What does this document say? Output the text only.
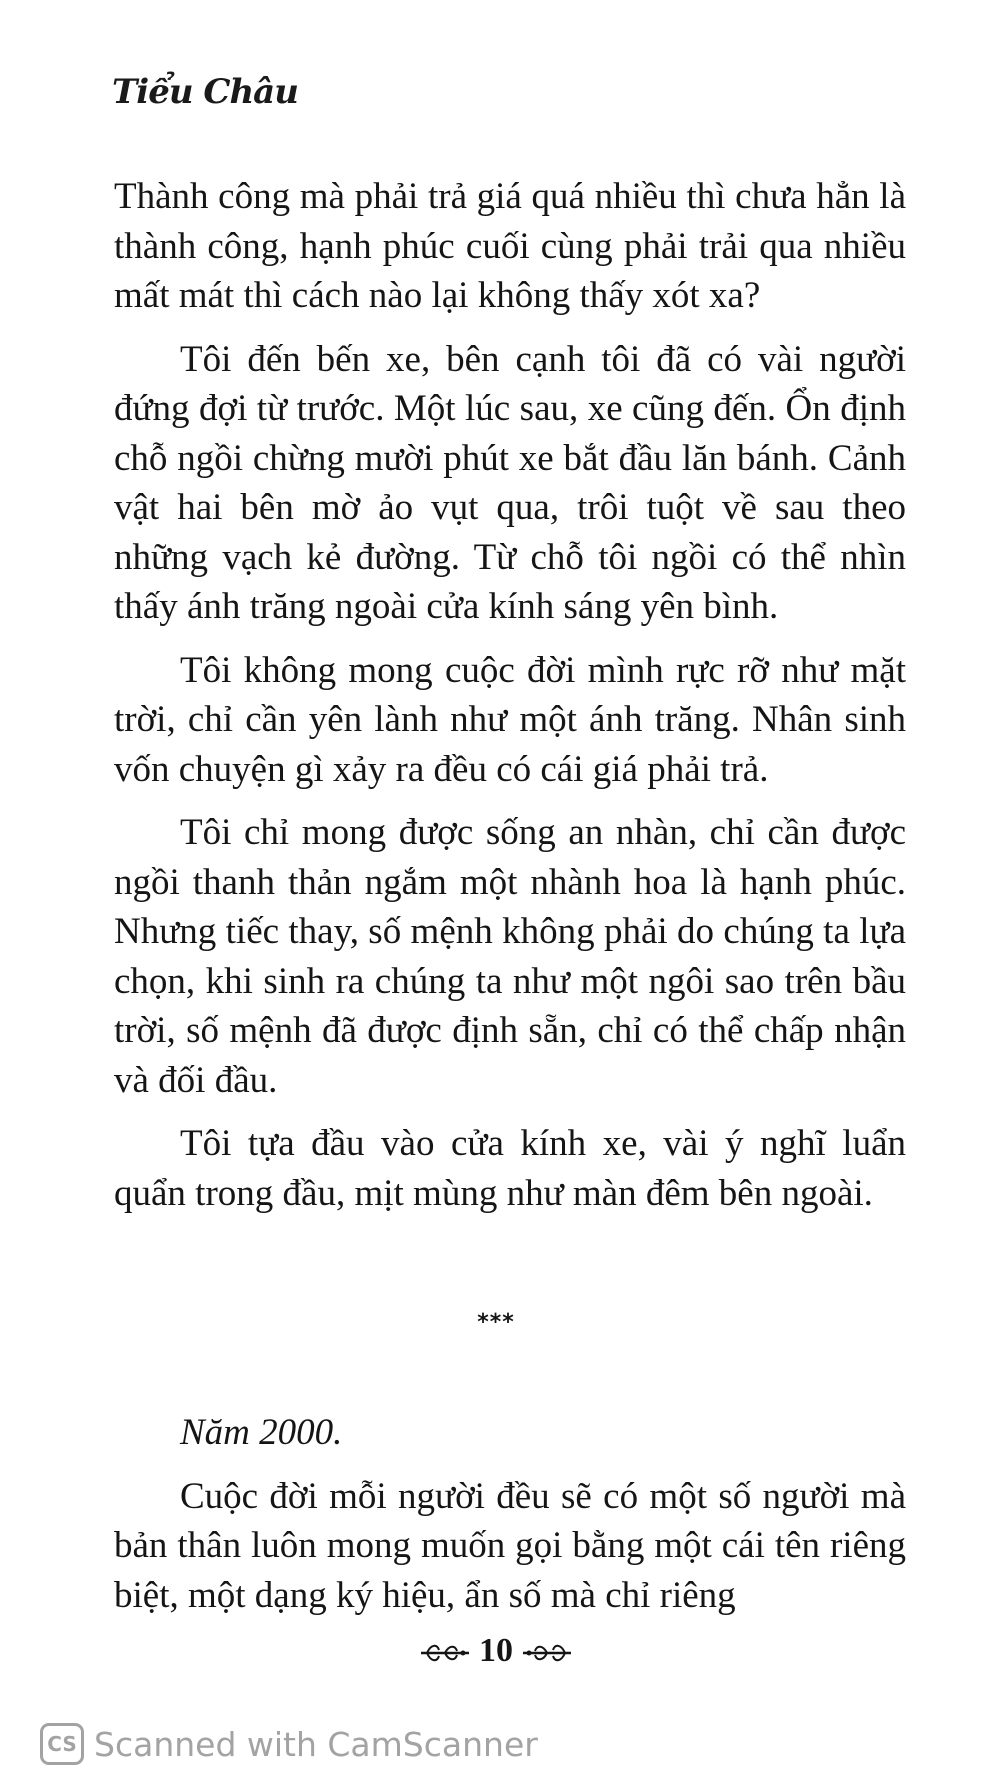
Tiểu Châu

Thành công mà phải trả giá quá nhiều thì chưa hẳn là thành công, hạnh phúc cuối cùng phải trải qua nhiều mất mát thì cách nào lại không thấy xót xa?

Tôi đến bến xe, bên cạnh tôi đã có vài người đứng đợi từ trước. Một lúc sau, xe cũng đến. Ổn định chỗ ngồi chừng mười phút xe bắt đầu lăn bánh. Cảnh vật hai bên mờ ảo vụt qua, trôi tuột về sau theo những vạch kẻ đường. Từ chỗ tôi ngồi có thể nhìn thấy ánh trăng ngoài cửa kính sáng yên bình.

Tôi không mong cuộc đời mình rực rỡ như mặt trời, chỉ cần yên lành như một ánh trăng. Nhân sinh vốn chuyện gì xảy ra đều có cái giá phải trả.

Tôi chỉ mong được sống an nhàn, chỉ cần được ngồi thanh thản ngắm một nhành hoa là hạnh phúc. Nhưng tiếc thay, số mệnh không phải do chúng ta lựa chọn, khi sinh ra chúng ta như một ngôi sao trên bầu trời, số mệnh đã được định sẵn, chỉ có thể chấp nhận và đối đầu.

Tôi tựa đầu vào cửa kính xe, vài ý nghĩ luẩn quẩn trong đầu, mịt mùng như màn đêm bên ngoài.

***

Năm 2000.

Cuộc đời mỗi người đều sẽ có một số người mà bản thân luôn mong muốn gọi bằng một cái tên riêng biệt, một dạng ký hiệu, ẩn số mà chỉ riêng

10
CS Scanned with CamScanner
